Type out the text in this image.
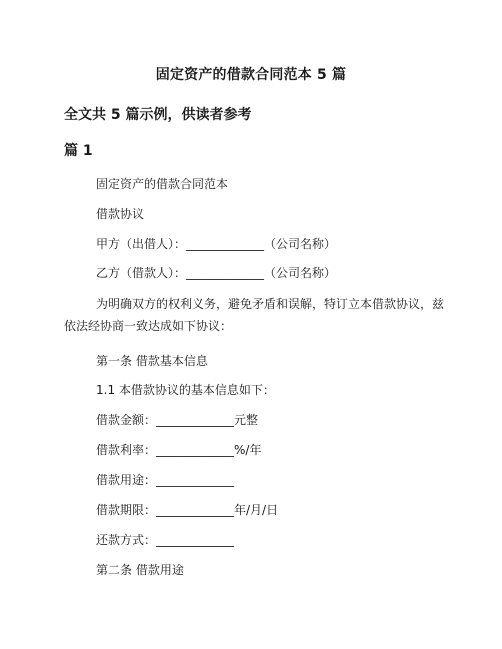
固定资产的借款合同范本 5 篇
全文共 5 篇示例，供读者参考
篇 1
固定资产的借款合同范本
借款协议
甲方（出借人）：_____________（公司名称）
乙方（借款人）：_____________（公司名称）
为明确双方的权利义务，避免矛盾和误解，特订立本借款协议，兹依法经协商一致达成如下协议：
第一条 借款基本信息
1.1 本借款协议的基本信息如下：
借款金额：_____________元整
借款利率：_____________%/年
借款用途：_____________
借款期限：_____________年/月/日
还款方式：_____________
第二条 借款用途
